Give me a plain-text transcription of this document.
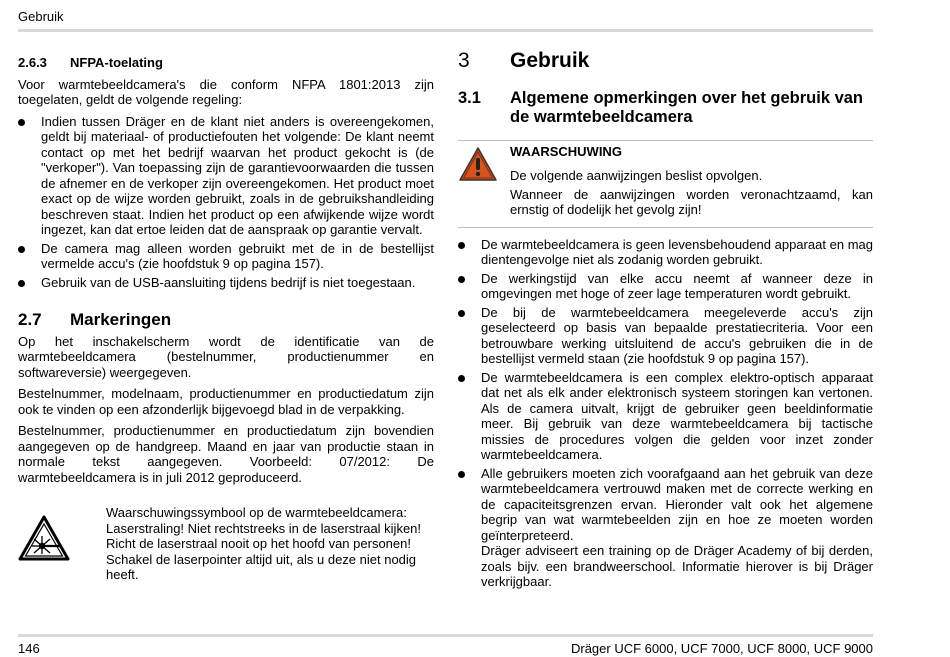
Gebruik
2.6.3	NFPA-toelating

Voor warmtebeeldcamera's die conform NFPA 1801:2013 zijn toegelaten, geldt de volgende regeling:

Indien tussen Dräger en de klant niet anders is overeengekomen, geldt bij materiaal- of productiefouten het volgende: De klant neemt contact op met het bedrijf waarvan het product gekocht is (de "verkoper"). Van toepassing zijn de garantievoorwaarden die tussen de afnemer en de verkoper zijn overeengekomen. Het product moet exact op de wijze worden gebruikt, zoals in de gebruikshandleiding beschreven staat. Indien het product op een afwijkende wijze wordt ingezet, kan dat ertoe leiden dat de aanspraak op garantie vervalt.
De camera mag alleen worden gebruikt met de in de bestellijst vermelde accu's (zie hoofdstuk 9 op pagina 157).
Gebruik van de USB-aansluiting tijdens bedrijf is niet toegestaan.
2.7	Markeringen

Op het inschakelscherm wordt de identificatie van de warmtebeeldcamera (bestelnummer, productienummer en softwareversie) weergegeven.

Bestelnummer, modelnaam, productienummer en productiedatum zijn ook te vinden op een afzonderlijk bijgevoegd blad in de verpakking.

Bestelnummer, productienummer en productiedatum zijn bovendien aangegeven op de handgreep. Maand en jaar van productie staan in normale tekst aangegeven. Voorbeeld: 07/2012: De warmtebeeldcamera is in juli 2012 geproduceerd.

Waarschuwingssymbool op de warmtebeeldcamera:

Laserstraling! Niet rechtstreeks in de laserstraal kijken!

Richt de laserstraal nooit op het hoofd van personen!

Schakel de laserpointer altijd uit, als u deze niet nodig heeft.

3	Gebruik
3.1	Algemene opmerkingen over het gebruik van de warmtebeeldcamera
WAARSCHUWING

De volgende aanwijzingen beslist opvolgen.

Wanneer de aanwijzingen worden veronachtzaamd, kan ernstig of dodelijk het gevolg zijn!

De warmtebeeldcamera is geen levensbehoudend apparaat en mag dientengevolge niet als zodanig worden gebruikt.
De werkingstijd van elke accu neemt af wanneer deze in omgevingen met hoge of zeer lage temperaturen wordt gebruikt.
De bij de warmtebeeldcamera meegeleverde accu's zijn geselecteerd op basis van bepaalde prestatiecriteria. Voor een betrouwbare werking uitsluitend de accu's gebruiken die in de bestellijst vermeld staan (zie hoofdstuk 9 op pagina 157).
De warmtebeeldcamera is een complex elektro-optisch apparaat dat net als elk ander elektronisch systeem storingen kan vertonen. Als de camera uitvalt, krijgt de gebruiker geen beeldinformatie meer. Bij gebruik van deze warmtebeeldcamera bij tactische missies de procedures volgen die gelden voor inzet zonder warmtebeeldcamera.
Alle gebruikers moeten zich voorafgaand aan het gebruik van deze warmtebeeldcamera vertrouwd maken met de correcte werking en de capaciteitsgrenzen ervan. Hieronder valt ook het algemene begrip van wat warmtebeelden zijn en hoe ze moeten worden geïnterpreteerd.
Dräger adviseert een training op de Dräger Academy of bij derden, zoals bijv. een brandweerschool. Informatie hierover is bij Dräger verkrijgbaar.
146	Dräger UCF 6000, UCF 7000, UCF 8000, UCF 9000
